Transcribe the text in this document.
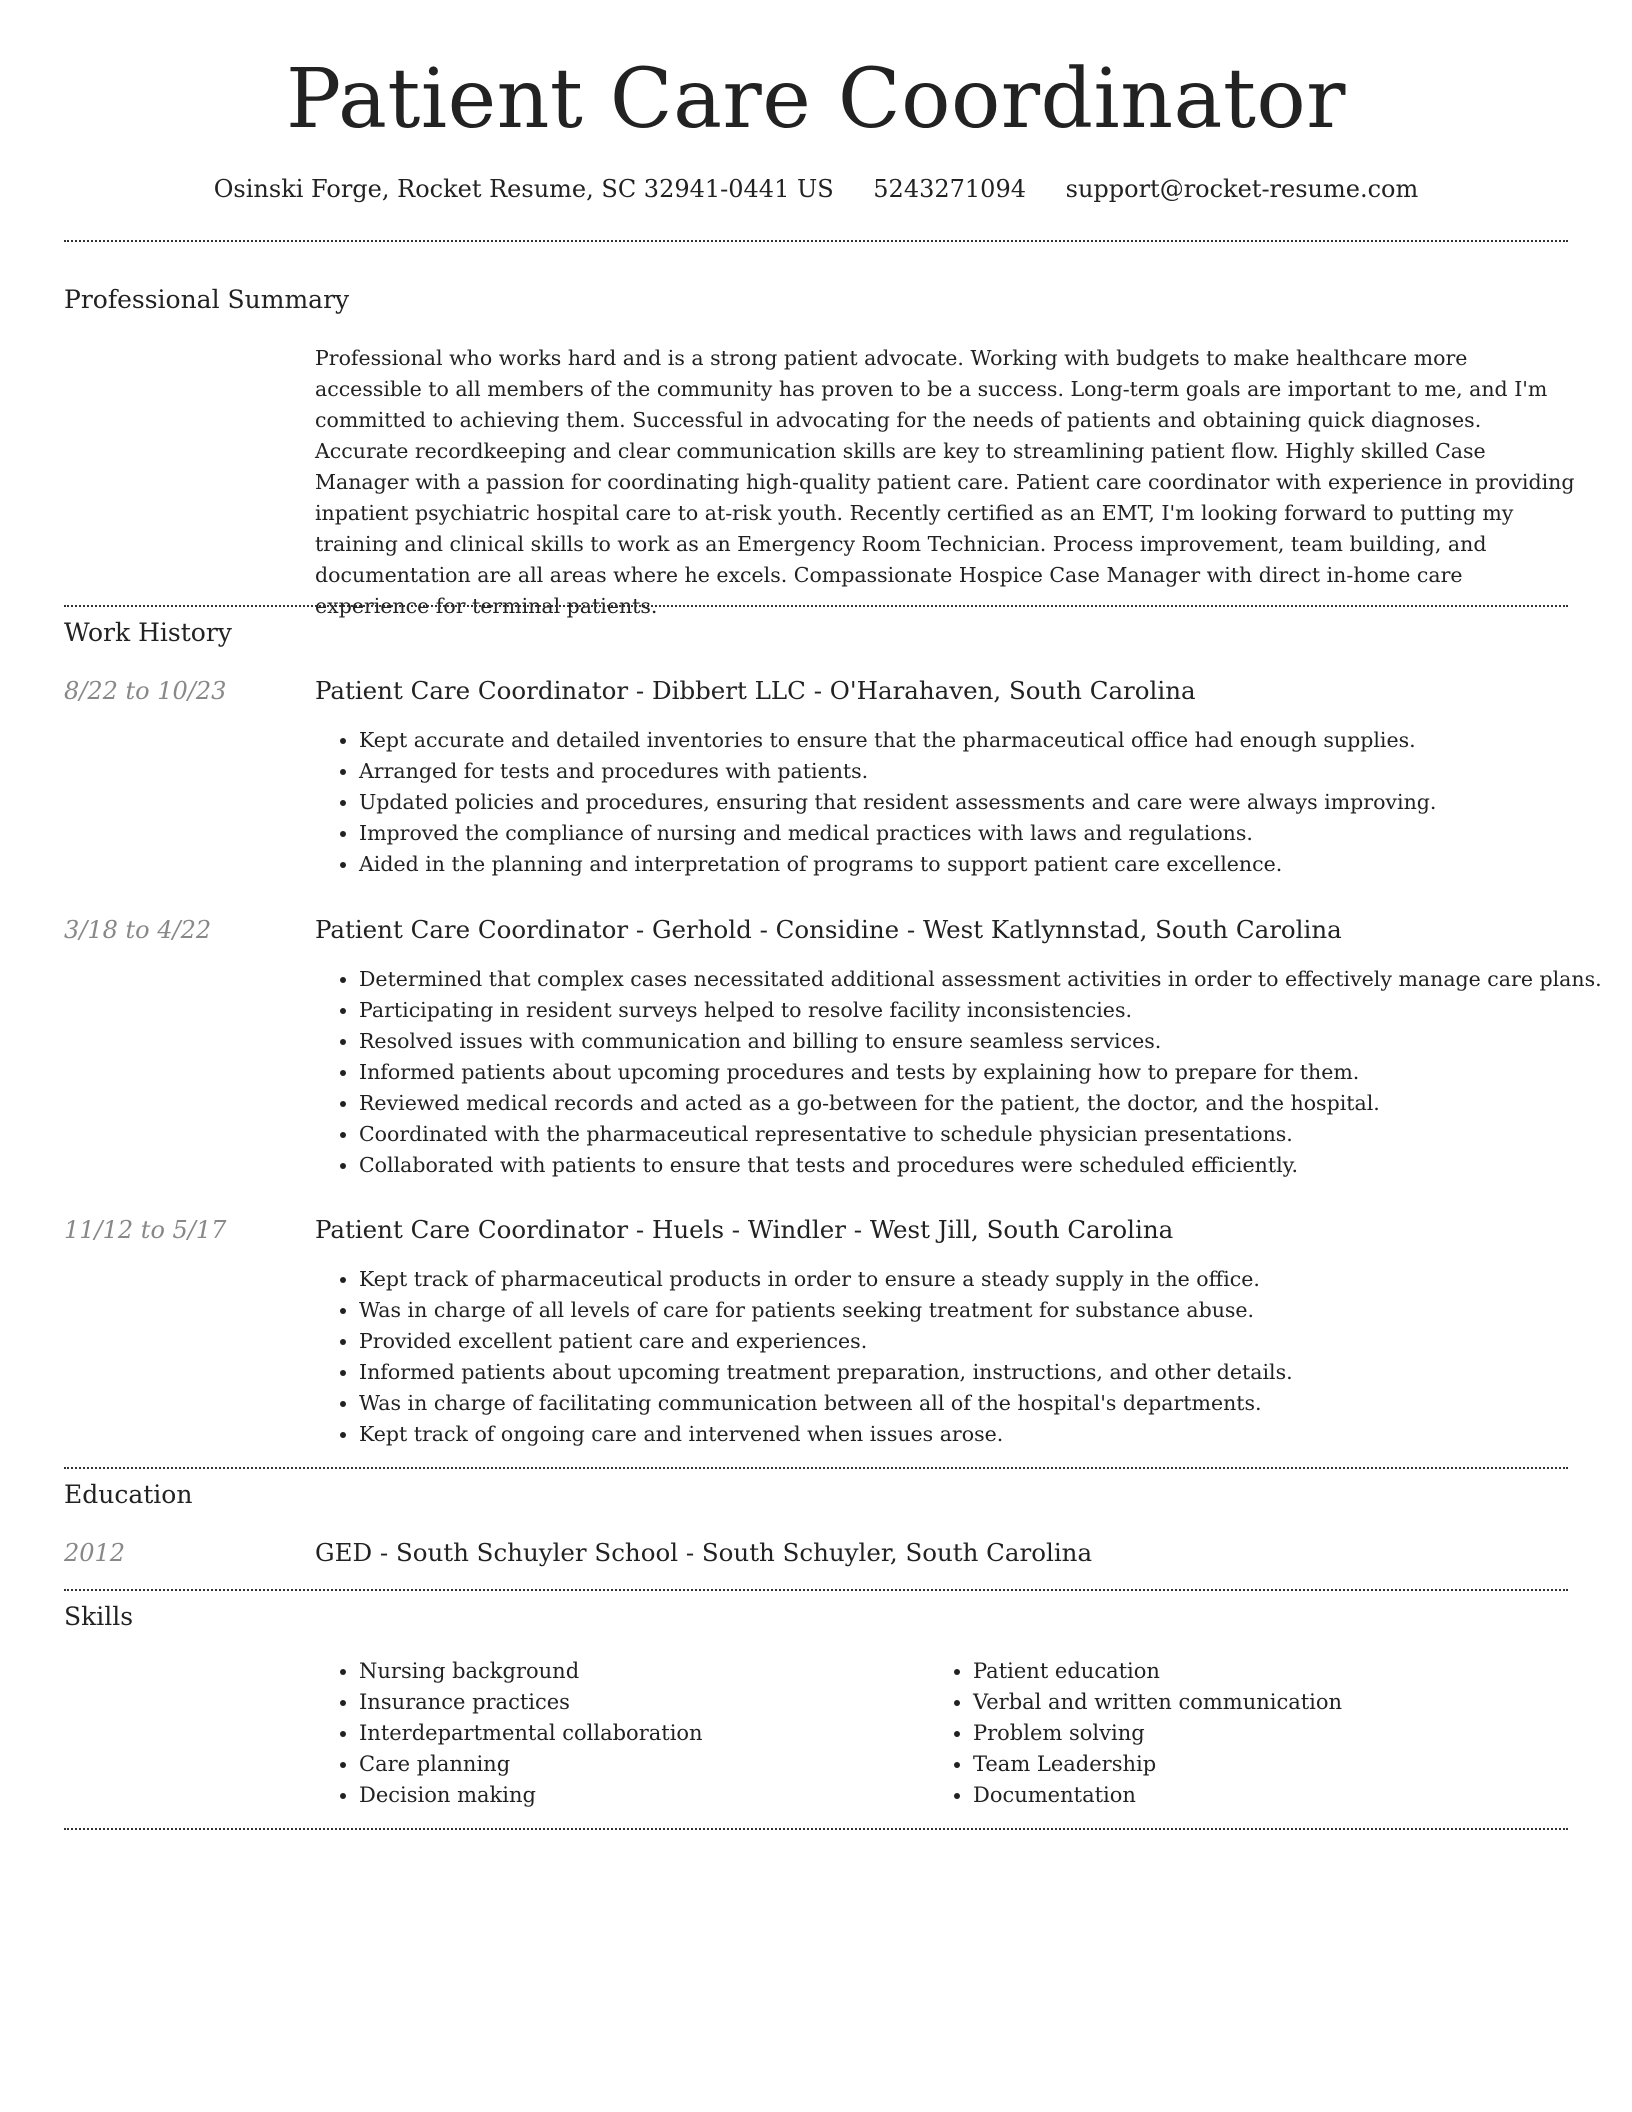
Patient Care Coordinator
Osinski Forge, Rocket Resume, SC 32941-0441 US 5243271094 support@rocket-resume.com
Professional Summary

Professional who works hard and is a strong patient advocate. Working with budgets to make healthcare more accessible to all members of the community has proven to be a success. Long-term goals are important to me, and I'm committed to achieving them. Successful in advocating for the needs of patients and obtaining quick diagnoses. Accurate recordkeeping and clear communication skills are key to streamlining patient flow. Highly skilled Case Manager with a passion for coordinating high-quality patient care. Patient care coordinator with experience in providing inpatient psychiatric hospital care to at-risk youth. Recently certified as an EMT, I'm looking forward to putting my training and clinical skills to work as an Emergency Room Technician. Process improvement, team building, and documentation are all areas where he excels. Compassionate Hospice Case Manager with direct in-home care experience for terminal patients.

Work History
8/22 to 10/23	Patient Care Coordinator - Dibbert LLC - O'Harahaven, South Carolina
• Kept accurate and detailed inventories to ensure that the pharmaceutical office had enough supplies.
• Arranged for tests and procedures with patients.
• Updated policies and procedures, ensuring that resident assessments and care were always improving.
• Improved the compliance of nursing and medical practices with laws and regulations.
• Aided in the planning and interpretation of programs to support patient care excellence.
3/18 to 4/22	Patient Care Coordinator - Gerhold - Considine - West Katlynnstad, South Carolina
• Determined that complex cases necessitated additional assessment activities in order to effectively manage care plans.
• Participating in resident surveys helped to resolve facility inconsistencies.
• Resolved issues with communication and billing to ensure seamless services.
• Informed patients about upcoming procedures and tests by explaining how to prepare for them.
• Reviewed medical records and acted as a go-between for the patient, the doctor, and the hospital.
• Coordinated with the pharmaceutical representative to schedule physician presentations.
• Collaborated with patients to ensure that tests and procedures were scheduled efficiently.
11/12 to 5/17	Patient Care Coordinator - Huels - Windler - West Jill, South Carolina
• Kept track of pharmaceutical products in order to ensure a steady supply in the office.
• Was in charge of all levels of care for patients seeking treatment for substance abuse.
• Provided excellent patient care and experiences.
• Informed patients about upcoming treatment preparation, instructions, and other details.
• Was in charge of facilitating communication between all of the hospital's departments.
• Kept track of ongoing care and intervened when issues arose.
Education
2012	GED - South Schuyler School - South Schuyler, South Carolina
Skills
• Nursing background
• Insurance practices
• Interdepartmental collaboration
• Care planning
• Decision making
• Patient education
• Verbal and written communication
• Problem solving
• Team Leadership
• Documentation
